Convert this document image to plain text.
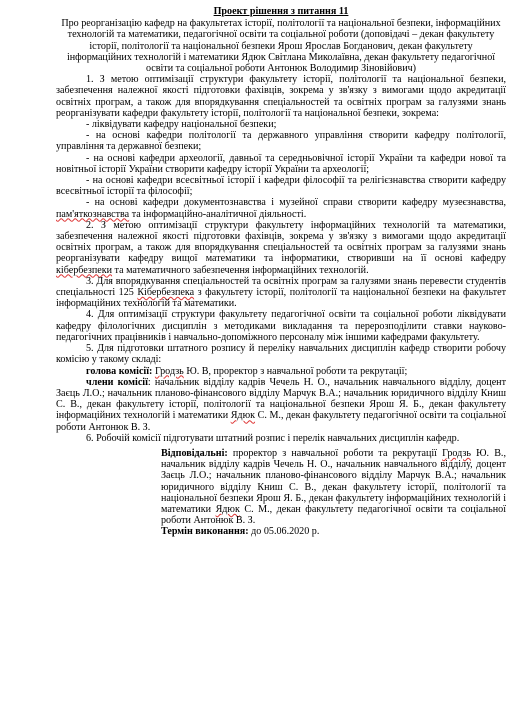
Проект рішення з питання 11
Про реорганізацію кафедр на факультетах історії, політології та національної безпеки, інформаційних технологій та математики, педагогічної освіти та соціальної роботи (доповідачі – декан факультету історії, політології та національної безпеки Ярош Ярослав Богданович, декан факультету інформаційних технологій і математики Ядюк Світлана Миколаївна, декан факультету педагогічної освіти та соціальної роботи Антонюк Володимир Зіновійович)
1. З метою оптимізації структури факультету історії, політології та національної безпеки, забезпечення належної якості підготовки фахівців, зокрема у зв'язку з вимогами щодо акредитації освітніх програм, а також для впорядкування спеціальностей та освітніх програм за галузями знань реорганізувати кафедри факультету історії, політології та національної безпеки, зокрема:
- ліквідувати кафедру національної безпеки;
- на основі кафедри політології та державного управління створити кафедру політології, управління та державної безпеки;
- на основі кафедри археології, давньої та середньовічної історії України та кафедри нової та новітньої історії України створити кафедру історії України та археології;
- на основі кафедри всесвітньої історії і кафедри філософії та релігієзнавства створити кафедру всесвітньої історії та філософії;
- на основі кафедри документознавства і музейної справи створити кафедру музеєзнавства, пам'яткознавства та інформаційно-аналітичної діяльності.
2. З метою оптимізації структури факультету інформаційних технологій та математики, забезпечення належної якості підготовки фахівців, зокрема у зв'язку з вимогами щодо акредитації освітніх програм, а також для впорядкування спеціальностей та освітніх програм за галузями знань реорганізувати кафедру вищої математики та інформатики, створивши на її основі кафедру кібербезпеки та математичного забезпечення інформаційних технологій.
3. Для впорядкування спеціальностей та освітніх програм за галузями знань перевести студентів спеціальності 125 Кібербезпека з факультету історії, політології та національної безпеки на факультет інформаційних технологій та математики.
4. Для оптимізації структури факультету педагогічної освіти та соціальної роботи ліквідувати кафедру філологічних дисциплін з методиками викладання та перерозподілити ставки науково-педагогічних працівників і навчально-допоміжного персоналу між іншими кафедрами факультету.
5. Для підготовки штатного розпису й переліку навчальних дисциплін кафедр створити робочу комісію у такому складі:
голова комісії: Гродзь Ю. В, проректор з навчальної роботи та рекрутації;
члени комісії: начальник відділу кадрів Чечель Н. О., начальник навчального відділу, доцент Заєць Л.О.; начальник планово-фінансового відділу Марчук В.А.; начальник юридичного відділу Книш С. В., декан факультету історії, політології та національної безпеки Ярош Я. Б., декан факультету інформаційних технологій і математики Ядюк С. М., декан факультету педагогічної освіти та соціальної роботи Антонюк В. З.
6. Робочій комісії підготувати штатний розпис і перелік навчальних дисциплін кафедр.
Відповідальні: проректор з навчальної роботи та рекрутації Гродзь Ю. В., начальник відділу кадрів Чечель Н. О., начальник навчального відділу, доцент Заєць Л.О.; начальник планово-фінансового відділу Марчук В.А.; начальник юридичного відділу Книш С. В., декан факультету історії, політології та національної безпеки Ярош Я. Б., декан факультету інформаційних технологій і математики Ядюк С. М., декан факультету педагогічної освіти та соціальної роботи Антонюк В. З.
Термін виконання: до 05.06.2020 р.
